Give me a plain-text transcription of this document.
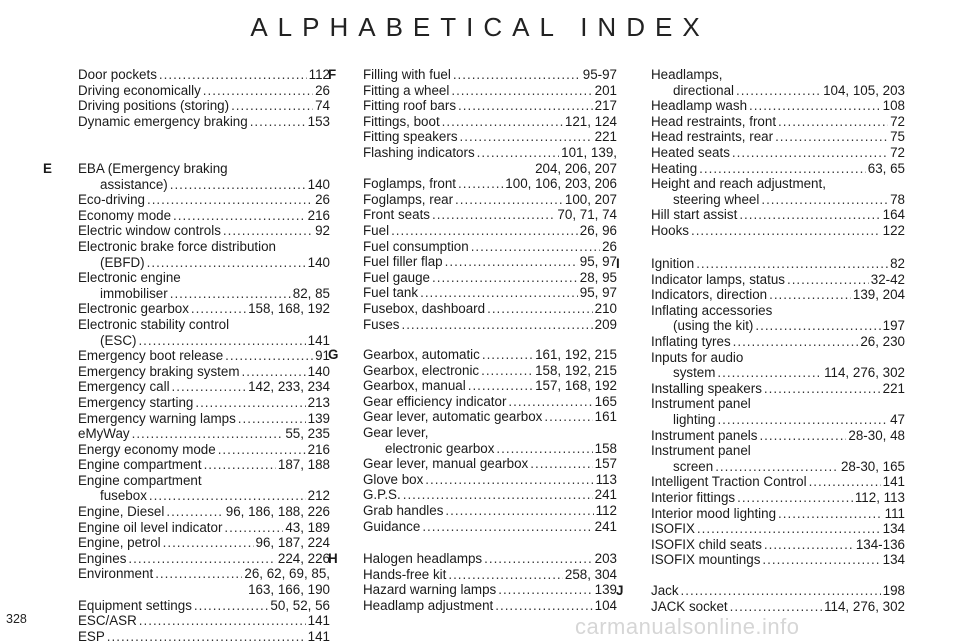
ALPHABETICAL INDEX
Door pockets .....	112
Driving economically .....	26
Driving positions (storing) .....	74
Dynamic emergency braking .....	153
E EBA (Emergency braking
assistance) .....	140
Eco-driving .....	26
Economy mode .....	216
Electric window controls .....	92
Electronic brake force distribution
(EBFD) .....	140
Electronic engine
immobiliser .....	82, 85
Electronic gearbox .....	158, 168, 192
Electronic stability control
(ESC) .....	141
Emergency boot release .....	91
Emergency braking system .....	140
Emergency call .....	142, 233, 234
Emergency starting .....	213
Emergency warning lamps .....	139
eMyWay .....	55, 235
Energy economy mode .....	216
Engine compartment .....	187, 188
Engine compartment
fusebox .....	212
Engine, Diesel .....	96, 186, 188, 226
Engine oil level indicator .....	43, 189
Engine, petrol .....	96, 187, 224
Engines .....	224, 226
Environment .....	26, 62, 69, 85,
163, 166, 190
Equipment settings .....	50, 52, 56
ESC/ASR .....	141
ESP .....	141
F Filling with fuel .....	95-97
Fitting a wheel .....	201
Fitting roof bars .....	217
Fittings, boot .....	121, 124
Fitting speakers .....	221
Flashing indicators .....	101, 139,
204, 206, 207
Foglamps, front .....	100, 106, 203, 206
Foglamps, rear .....	100, 207
Front seats .....	70, 71, 74
Fuel .....	26, 96
Fuel consumption .....	26
Fuel filler flap .....	95, 97
Fuel gauge .....	28, 95
Fuel tank .....	95, 97
Fusebox, dashboard .....	210
Fuses .....	209
G Gearbox, automatic .....	161, 192, 215
Gearbox, electronic .....	158, 192, 215
Gearbox, manual .....	157, 168, 192
Gear efficiency indicator .....	165
Gear lever, automatic gearbox .....	161
Gear lever,
electronic gearbox .....	158
Gear lever, manual gearbox .....	157
Glove box .....	113
G.P.S. .....	241
Grab handles .....	112
Guidance .....	241
H Halogen headlamps .....	203
Hands-free kit .....	258, 304
Hazard warning lamps .....	139
Headlamp adjustment .....	104
Headlamps,
directional .....	104, 105, 203
Headlamp wash .....	108
Head restraints, front .....	72
Head restraints, rear .....	75
Heated seats .....	72
Heating .....	63, 65
Height and reach adjustment,
steering wheel .....	78
Hill start assist .....	164
Hooks .....	122
I Ignition .....	82
Indicator lamps, status .....	32-42
Indicators, direction .....	139, 204
Inflating accessories
(using the kit) .....	197
Inflating tyres .....	26, 230
Inputs for audio
system .....	114, 276, 302
Installing speakers .....	221
Instrument panel
lighting .....	47
Instrument panels .....	28-30, 48
Instrument panel
screen .....	28-30, 165
Intelligent Traction Control .....	141
Interior fittings .....	112, 113
Interior mood lighting .....	111
ISOFIX .....	134
ISOFIX child seats .....	134-136
ISOFIX mountings .....	134
J Jack .....	198
JACK socket .....	114, 276, 302
328	carmanualsonline.info
